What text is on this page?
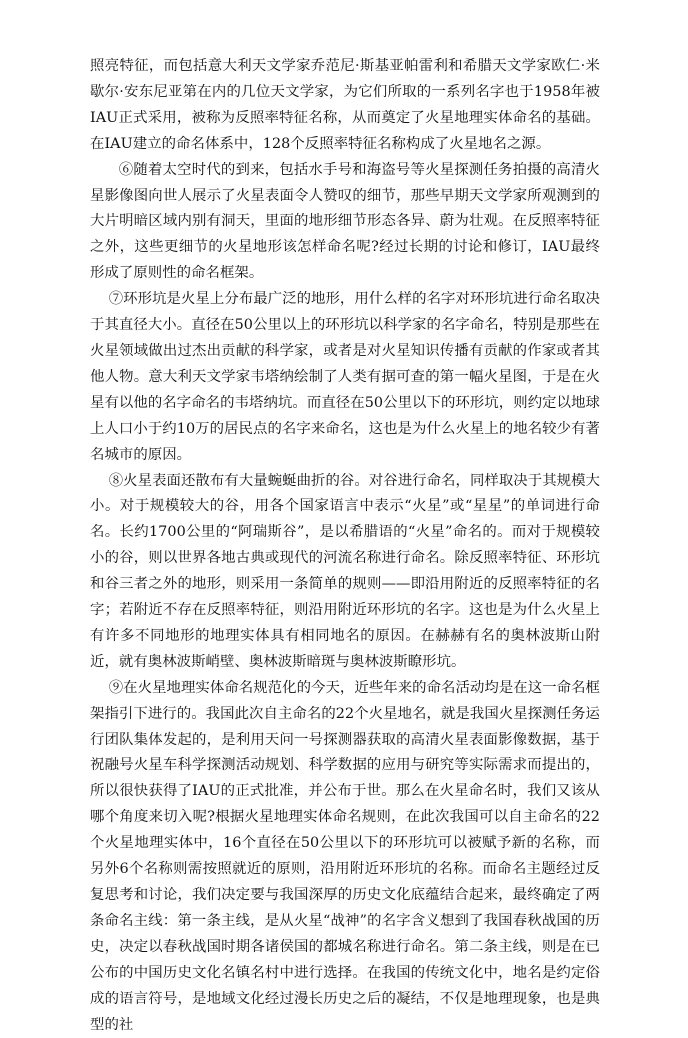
照亮特征，而包括意大利天文学家乔范尼·斯基亚帕雷利和希腊天文学家欧仁·米歇尔·安东尼亚第在内的几位天文学家，为它们所取的一系列名字也于1958年被IAU正式采用，被称为反照率特征名称，从而奠定了火星地理实体命名的基础。在IAU建立的命名体系中，128个反照率特征名称构成了火星地名之源。

⑥随着太空时代的到来，包括水手号和海盗号等火星探测任务拍摄的高清火星影像图向世人展示了火星表面令人赞叹的细节，那些早期天文学家所观测到的大片明暗区域内别有洞天，里面的地形细节形态各异、蔚为壮观。在反照率特征之外，这些更细节的火星地形该怎样命名呢?经过长期的讨论和修订，IAU最终形成了原则性的命名框架。

⑦环形坑是火星上分布最广泛的地形，用什么样的名字对环形坑进行命名取决于其直径大小。直径在50公里以上的环形坑以科学家的名字命名，特别是那些在火星领域做出过杰出贡献的科学家，或者是对火星知识传播有贡献的作家或者其他人物。意大利天文学家韦塔纳绘制了人类有据可查的第一幅火星图，于是在火星有以他的名字命名的韦塔纳坑。而直径在50公里以下的环形坑，则约定以地球上人口小于约10万的居民点的名字来命名，这也是为什么火星上的地名较少有著名城市的原因。

⑧火星表面还散布有大量蜿蜒曲折的谷。对谷进行命名，同样取决于其规模大小。对于规模较大的谷，用各个国家语言中表示“火星”或“星星”的单词进行命名。长约1700公里的“阿瑞斯谷”，是以希腊语的“火星”命名的。而对于规模较小的谷，则以世界各地古典或现代的河流名称进行命名。除反照率特征、环形坑和谷三者之外的地形，则采用一条简单的规则——即沿用附近的反照率特征的名字；若附近不存在反照率特征，则沿用附近环形坑的名字。这也是为什么火星上有许多不同地形的地理实体具有相同地名的原因。在赫赫有名的奥林波斯山附近，就有奥林波斯峭壁、奥林波斯暗斑与奥林波斯瞭形坑。

⑨在火星地理实体命名规范化的今天，近些年来的命名活动均是在这一命名框架指引下进行的。我国此次自主命名的22个火星地名，就是我国火星探测任务运行团队集体发起的，是利用天问一号探测器获取的高清火星表面影像数据，基于祝融号火星车科学探测活动规划、科学数据的应用与研究等实际需求而提出的，所以很快获得了IAU的正式批准，并公布于世。那么在火星命名时，我们又该从哪个角度来切入呢?根据火星地理实体命名规则，在此次我国可以自主命名的22个火星地理实体中，16个直径在50公里以下的环形坑可以被赋予新的名称，而另外6个名称则需按照就近的原则，沿用附近环形坑的名称。而命名主题经过反复思考和讨论，我们决定要与我国深厚的历史文化底蕴结合起来，最终确定了两条命名主线：第一条主线，是从火星“战神”的名字含义想到了我国春秋战国的历史，决定以春秋战国时期各诸侯国的都城名称进行命名。第二条主线，则是在已公布的中国历史文化名镇名村中进行选择。在我国的传统文化中，地名是约定俗成的语言符号，是地域文化经过漫长历史之后的凝结，不仅是地理现象，也是典型的社
